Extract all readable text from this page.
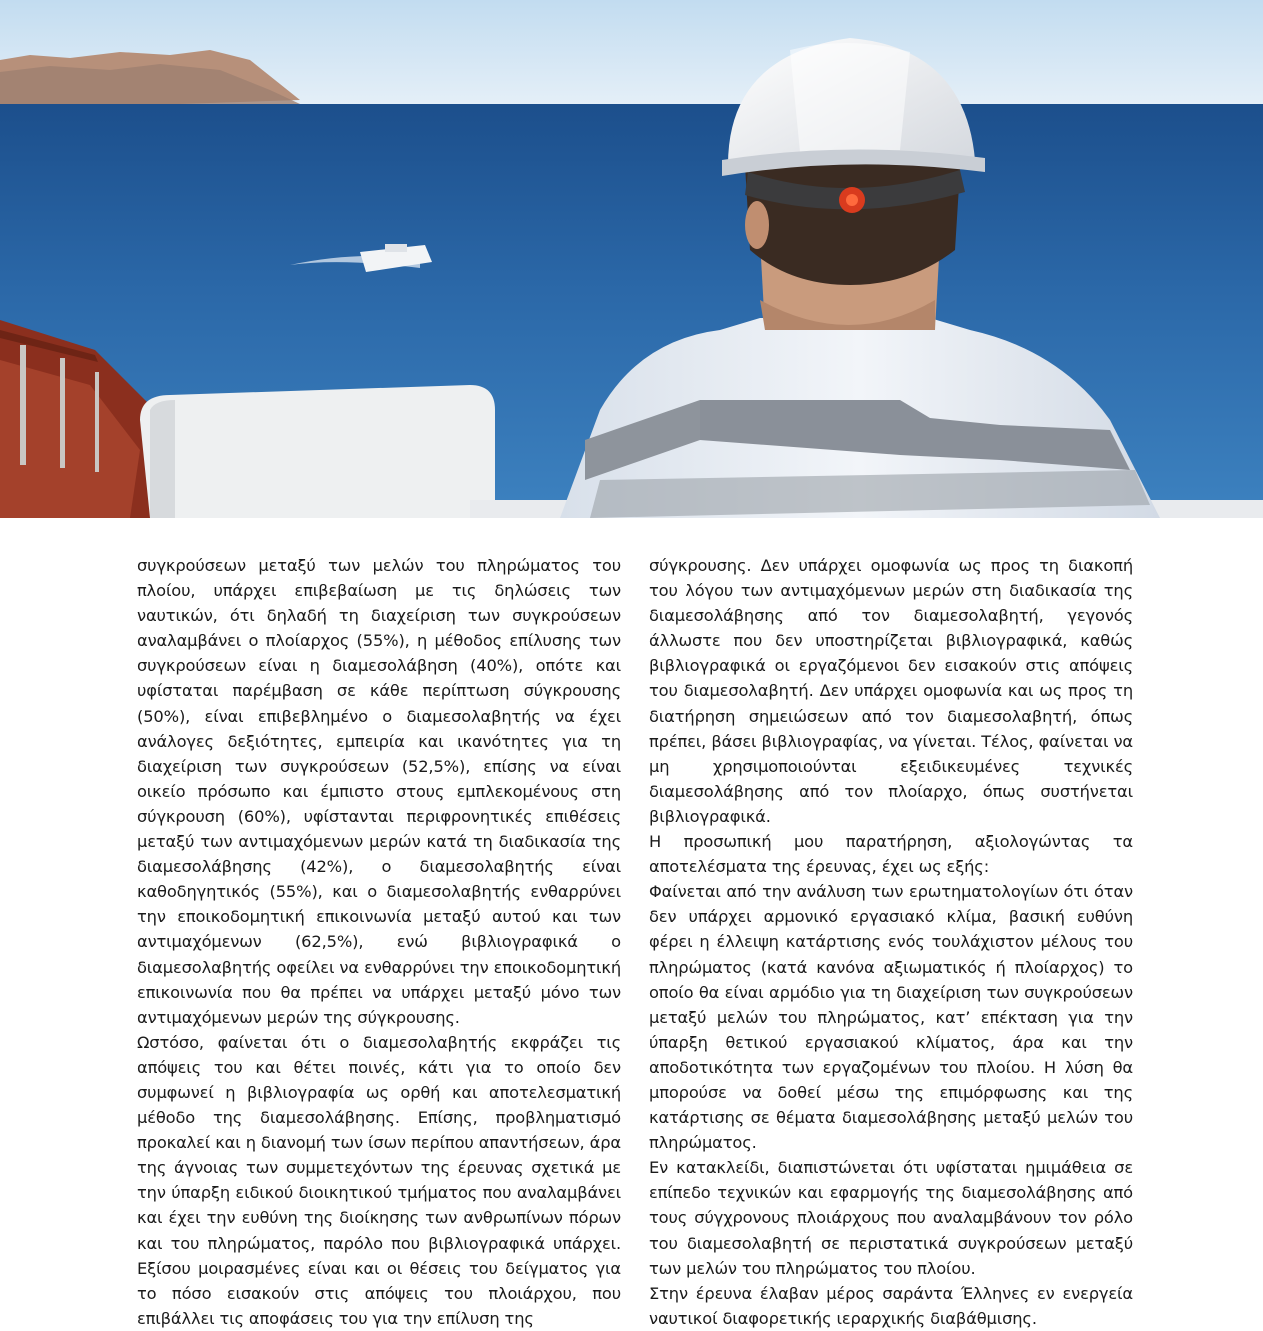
συγκρούσεων μεταξύ των μελών του πληρώματος του πλοίου, υπάρχει επιβεβαίωση με τις δηλώσεις των ναυτικών, ότι δηλαδή τη διαχείριση των συγκρούσεων αναλαμβάνει ο πλοίαρχος (55%), η μέθοδος επίλυσης των συγκρούσεων είναι η διαμεσολάβηση (40%), οπότε και υφίσταται παρέμβαση σε κάθε περίπτωση σύγκρουσης (50%), είναι επιβεβλημένο ο διαμεσολαβητής να έχει ανάλογες δεξιότητες, εμπειρία και ικανότητες για τη διαχείριση των συγκρούσεων (52,5%), επίσης να είναι οικείο πρόσωπο και έμπιστο στους εμπλεκομένους στη σύγκρουση (60%), υφίστανται περιφρονητικές επιθέσεις μεταξύ των αντιμαχόμενων μερών κατά τη διαδικασία της διαμεσολάβησης (42%), ο διαμεσολαβητής είναι καθοδηγητικός (55%), και ο διαμεσολαβητής ενθαρρύνει την εποικοδομητική επικοινωνία μεταξύ αυτού και των αντιμαχόμενων (62,5%), ενώ βιβλιογραφικά ο διαμεσολαβητής οφείλει να ενθαρρύνει την εποικοδομητική επικοινωνία που θα πρέπει να υπάρχει μεταξύ μόνο των αντιμαχόμενων μερών της σύγκρουσης.

Ωστόσο, φαίνεται ότι ο διαμεσολαβητής εκφράζει τις απόψεις του και θέτει ποινές, κάτι για το οποίο δεν συμφωνεί η βιβλιογραφία ως ορθή και αποτελεσματική μέθοδο της διαμεσολάβησης. Επίσης, προβληματισμό προκαλεί και η διανομή των ίσων περίπου απαντήσεων, άρα της άγνοιας των συμμετεχόντων της έρευνας σχετικά με την ύπαρξη ειδικού διοικητικού τμήματος που αναλαμβάνει και έχει την ευθύνη της διοίκησης των ανθρωπίνων πόρων και του πληρώματος, παρόλο που βιβλιογραφικά υπάρχει. Εξίσου μοιρασμένες είναι και οι θέσεις του δείγματος για το πόσο εισακούν στις απόψεις του πλοιάρχου, που επιβάλλει τις αποφάσεις του για την επίλυση της

σύγκρουσης. Δεν υπάρχει ομοφωνία ως προς τη διακοπή του λόγου των αντιμαχόμενων μερών στη διαδικασία της διαμεσολάβησης από τον διαμεσολαβητή, γεγονός άλλωστε που δεν υποστηρίζεται βιβλιογραφικά, καθώς βιβλιογραφικά οι εργαζόμενοι δεν εισακούν στις απόψεις του διαμεσολαβητή. Δεν υπάρχει ομοφωνία και ως προς τη διατήρηση σημειώσεων από τον διαμεσολαβητή, όπως πρέπει, βάσει βιβλιογραφίας, να γίνεται. Τέλος, φαίνεται να μη χρησιμοποιούνται εξειδικευμένες τεχνικές διαμεσολάβησης από τον πλοίαρχο, όπως συστήνεται βιβλιογραφικά.

Η προσωπική μου παρατήρηση, αξιολογώντας τα αποτελέσματα της έρευνας, έχει ως εξής:

Φαίνεται από την ανάλυση των ερωτηματολογίων ότι όταν δεν υπάρχει αρμονικό εργασιακό κλίμα, βασική ευθύνη φέρει η έλλειψη κατάρτισης ενός τουλάχιστον μέλους του πληρώματος (κατά κανόνα αξιωματικός ή πλοίαρχος) το οποίο θα είναι αρμόδιο για τη διαχείριση των συγκρούσεων μεταξύ μελών του πληρώματος, κατ’ επέκταση για την ύπαρξη θετικού εργασιακού κλίματος, άρα και την αποδοτικότητα των εργαζομένων του πλοίου. Η λύση θα μπορούσε να δοθεί μέσω της επιμόρφωσης και της κατάρτισης σε θέματα διαμεσολάβησης μεταξύ μελών του πληρώματος.

Εν κατακλείδι, διαπιστώνεται ότι υφίσταται ημιμάθεια σε επίπεδο τεχνικών και εφαρμογής της διαμεσολάβησης από τους σύγχρονους πλοιάρχους που αναλαμβάνουν τον ρόλο του διαμεσολαβητή σε περιστατικά συγκρούσεων μεταξύ των μελών του πληρώματος του πλοίου.

Στην έρευνα έλαβαν μέρος σαράντα Έλληνες εν ενεργεία ναυτικοί διαφορετικής ιεραρχικής διαβάθμισης.
